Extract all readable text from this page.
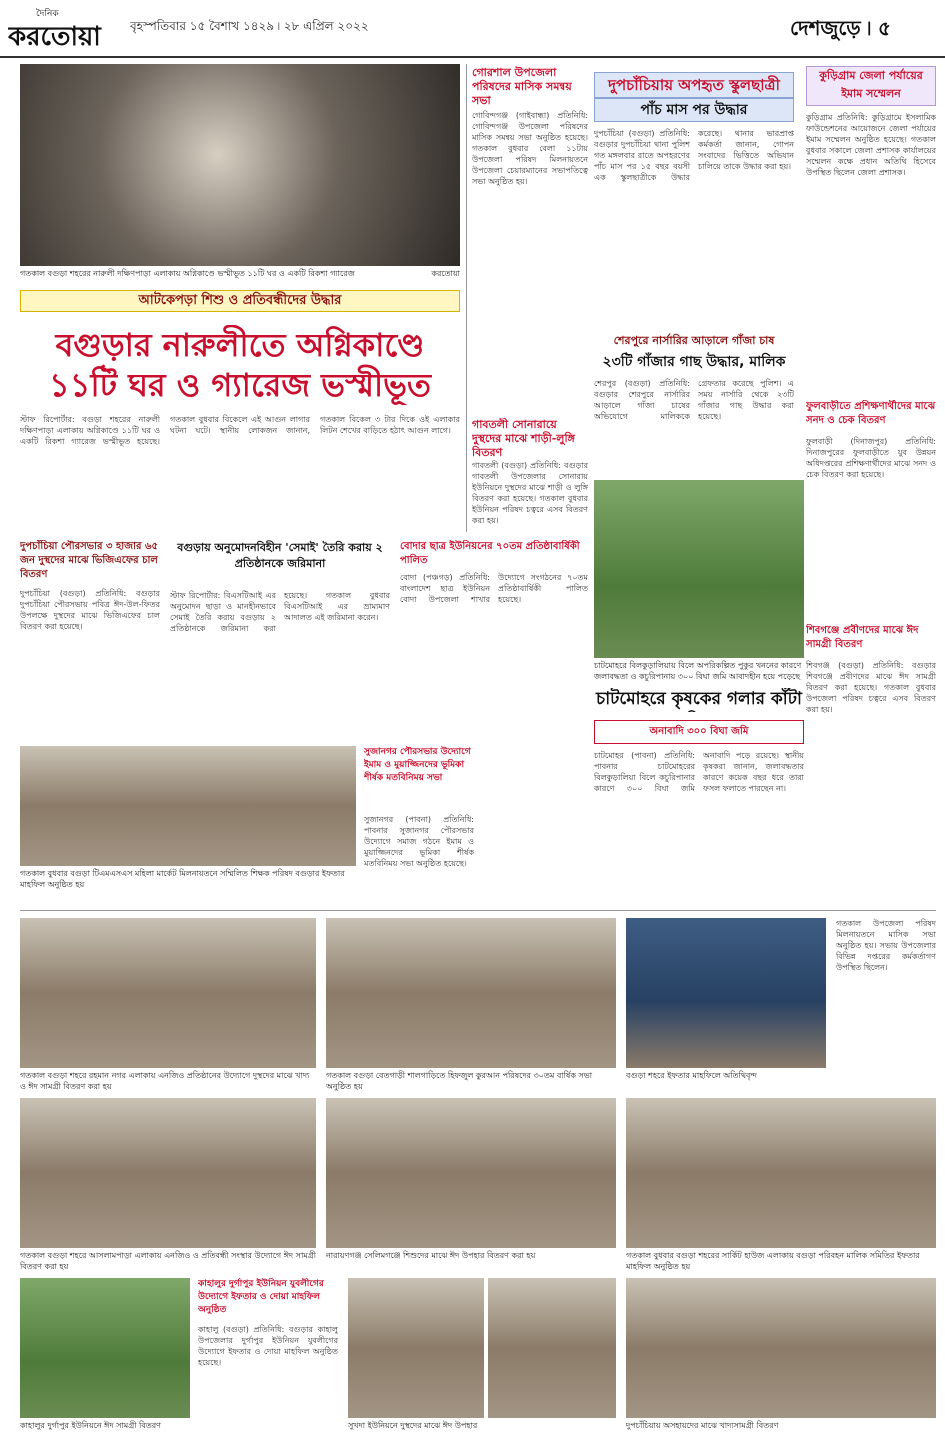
দৈনিক
করতোয়া বৃহস্পতিবার ১৫ বৈশাখ ১৪২৯ ৷ ২৮ এপ্রিল ২০২২	দেশজুড়ে ৷ ৫
গতকাল বগুড়া শহরের নারুলী দক্ষিণপাড়া এলাকায় অগ্নিকাণ্ডে ভস্মীভূত ১১টি ঘর ও একটি রিকশা গ্যারেজ	করতোয়া
আটকেপড়া শিশু ও প্রতিবন্ধীদের উদ্ধার
বগুড়ার নারুলীতে অগ্নিকাণ্ডে ১১টি ঘর ও গ্যারেজ ভস্মীভূত
স্টাফ রিপোর্টার: বগুড়া শহরের নারুলী দক্ষিণপাড়া এলাকায় অগ্নিকাণ্ডে ১১টি ঘর ও একটি রিকশা গ্যারেজ ভস্মীভূত হয়েছে। গতকাল বুধবার বিকেলে এই আগুন লাগার ঘটনা ঘটে। স্থানীয় লোকজন জানান, গতকাল বিকেল ৩ টার দিকে ওই এলাকার লিটন শেখের বাড়িতে হঠাৎ আগুন লাগে।
গোরশাল উপজেলা পরিষদের মাসিক সমন্বয় সভা
গোবিন্দগঞ্জ (গাইবান্ধা) প্রতিনিধি: গোবিন্দগঞ্জ উপজেলা পরিষদের মাসিক সমন্বয় সভা অনুষ্ঠিত হয়েছে। গতকাল বুধবার বেলা ১১টায় উপজেলা পরিষদ মিলনায়তনে উপজেলা চেয়ারম্যানের সভাপতিত্বে সভা অনুষ্ঠিত হয়।
গাবতলী সোনারায়ে দুস্থদের মাঝে শাড়ী-লুঙ্গি বিতরণ
গাবতলী (বগুড়া) প্রতিনিধি: বগুড়ার গাবতলী উপজেলার সোনারায় ইউনিয়নে দুস্থদের মাঝে শাড়ী ও লুঙ্গি বিতরণ করা হয়েছে। গতকাল বুধবার ইউনিয়ন পরিষদ চত্বরে এসব বিতরণ করা হয়।
দুপচাঁচিয়ায় অপহৃত স্কুলছাত্রী
পাঁচ মাস পর উদ্ধার
দুপচাঁচিয়া (বগুড়া) প্রতিনিধি: বগুড়ার দুপচাঁচিয়া থানা পুলিশ গত মঙ্গলবার রাতে অপহরণের পাঁচ মাস পর ১৫ বছর বয়সী এক স্কুলছাত্রীকে উদ্ধার করেছে। থানার ভারপ্রাপ্ত কর্মকর্তা জানান, গোপন সংবাদের ভিত্তিতে অভিযান চালিয়ে তাকে উদ্ধার করা হয়।
কুড়িগ্রাম জেলা পর্যায়ের ইমাম সম্মেলন
কুড়িগ্রাম প্রতিনিধি: কুড়িগ্রামে ইসলামিক ফাউন্ডেশনের আয়োজনে জেলা পর্যায়ের ইমাম সম্মেলন অনুষ্ঠিত হয়েছে। গতকাল বুধবার সকালে জেলা প্রশাসক কার্যালয়ের সম্মেলন কক্ষে প্রধান অতিথি হিসেবে উপস্থিত ছিলেন জেলা প্রশাসক।
শেরপুরে নার্সারির আড়ালে গাঁজা চাষ
২৩টি গাঁজার গাছ উদ্ধার, মালিক
শেরপুর (বগুড়া) প্রতিনিধি: বগুড়ার শেরপুরে নার্সারির আড়ালে গাঁজা চাষের অভিযোগে মালিককে গ্রেফতার করেছে পুলিশ। এ সময় নার্সারি থেকে ২৩টি গাঁজার গাছ উদ্ধার করা হয়েছে।
ফুলবাড়ীতে প্রশিক্ষণার্থীদের মাঝে সনদ ও চেক বিতরণ
ফুলবাড়ী (দিনাজপুর) প্রতিনিধি: দিনাজপুরের ফুলবাড়ীতে যুব উন্নয়ন অধিদপ্তরের প্রশিক্ষণার্থীদের মাঝে সনদ ও চেক বিতরণ করা হয়েছে।
চাটমোহরে বিলকুড়ালিয়ায় বিলে অপরিকল্পিত পুকুর খননের কারণে জলাবদ্ধতা ও কচুরিপানায় ৩০০ বিঘা জমি আবাদহীন হয়ে পড়েছে
চাটমোহরে কৃষকের গলার কাঁটা
অনাবাদি ৩০০ বিঘা জমি
চাটমোহর (পাবনা) প্রতিনিধি: পাবনার চাটমোহরের বিলকুড়ালিয়া বিলে কচুরিপানার কারণে ৩০০ বিঘা জমি অনাবাদি পড়ে রয়েছে। স্থানীয় কৃষকরা জানান, জলাবদ্ধতার কারণে কয়েক বছর ধরে তারা ফসল ফলাতে পারছেন না।
দুপচাঁচিয়া পৌরসভার ৩ হাজার ৬৫ জন দুস্থদের মাঝে ভিজিএফের চাল বিতরণ
দুপচাঁচিয়া (বগুড়া) প্রতিনিধি: বগুড়ার দুপচাঁচিয়া পৌরসভায় পবিত্র ঈদ-উল-ফিতর উপলক্ষে দুস্থদের মাঝে ভিজিএফের চাল বিতরণ করা হয়েছে।
বগুড়ায় অনুমোদনবিহীন 'সেমাই' তৈরি করায় ২ প্রতিষ্ঠানকে জরিমানা
স্টাফ রিপোর্টার: বিএসটিআই এর অনুমোদন ছাড়া ও মানহীনভাবে সেমাই তৈরি করায় বগুড়ায় ২ প্রতিষ্ঠানকে জরিমানা করা হয়েছে। গতকাল বুধবার বিএসটিআই এর ভ্রাম্যমাণ আদালত এই জরিমানা করেন।
বোদার ছাত্র ইউনিয়নের ৭০তম প্রতিষ্ঠাবার্ষিকী পালিত
বোদা (পঞ্চগড়) প্রতিনিধি: বাংলাদেশ ছাত্র ইউনিয়ন বোদা উপজেলা শাখার উদ্যোগে সংগঠনের ৭০তম প্রতিষ্ঠাবার্ষিকী পালিত হয়েছে।
গতকাল বুধবার বগুড়া টিএমএসএস মহিলা মার্কেট মিলনায়তনে সম্মিলিত শিক্ষক পরিষদ বগুড়ার ইফতার মাহফিল অনুষ্ঠিত হয়
সুজানগর পৌরসভার উদ্যোগে ইমাম ও মুয়াজ্জিনদের ভূমিকা শীর্ষক মতবিনিময় সভা
সুজানগর (পাবনা) প্রতিনিধি: পাবনার সুজানগর পৌরসভার উদ্যোগে সমাজ গঠনে ইমাম ও মুয়াজ্জিনদের ভূমিকা শীর্ষক মতবিনিময় সভা অনুষ্ঠিত হয়েছে।
শিবগঞ্জে প্রবীণদের মাঝে ঈদ সামগ্রী বিতরণ
শিবগঞ্জ (বগুড়া) প্রতিনিধি: বগুড়ার শিবগঞ্জে প্রবীণদের মাঝে ঈদ সামগ্রী বিতরণ করা হয়েছে। গতকাল বুধবার উপজেলা পরিষদ চত্বরে এসব বিতরণ করা হয়।
গতকাল বগুড়া শহরে রহমান নগর এলাকায় এনজিও প্রতিষ্ঠানের উদ্যোগে দুস্থদের মাঝে খাদ্য ও ঈদ সামগ্রী বিতরণ করা হয়
গতকাল বগুড়া বেতগাড়ী শালগাড়িতে হিফজুল কুরআন পরিষদের ৩০তম বার্ষিক সভা অনুষ্ঠিত হয়
বগুড়া শহরে ইফতার মাহফিলে অতিথিবৃন্দ
গতকাল উপজেলা পরিষদ মিলনায়তনে মাসিক সভা অনুষ্ঠিত হয়। সভায় উপজেলার বিভিন্ন দপ্তরের কর্মকর্তাগণ উপস্থিত ছিলেন।
গতকাল বগুড়া শহরে আসলামপাড়া এলাকায় এনজিও ও প্রতিবন্ধী সংস্থার উদ্যোগে ঈদ সামগ্রী বিতরণ করা হয়
নারায়ণগঞ্জ সেলিমগঞ্জে শিশুদের মাঝে ঈদ উপহার বিতরণ করা হয়	গতকাল বুধবার বগুড়া শহরের সার্কিট হাউজ এলাকায় বগুড়া পরিবহন মালিক সমিতির ইফতার মাহফিল অনুষ্ঠিত হয়
কাহালুর দুর্গাপুর ইউনিয়নে ঈদ সামগ্রী বিতরণ
কাহালুর দুর্গাপুর ইউনিয়ন যুবলীগের উদ্যোগে ইফতার ও দোয়া মাহফিল অনুষ্ঠিত
কাহালু (বগুড়া) প্রতিনিধি: বগুড়ার কাহালু উপজেলার দুর্গাপুর ইউনিয়ন যুবলীগের উদ্যোগে ইফতার ও দোয়া মাহফিল অনুষ্ঠিত হয়েছে।
সুখদা ইউনিয়নে দুস্থদের মাঝে ঈদ উপহার	দুপচাঁচিয়ায় অসহায়দের মাঝে খাদ্যসামগ্রী বিতরণ
